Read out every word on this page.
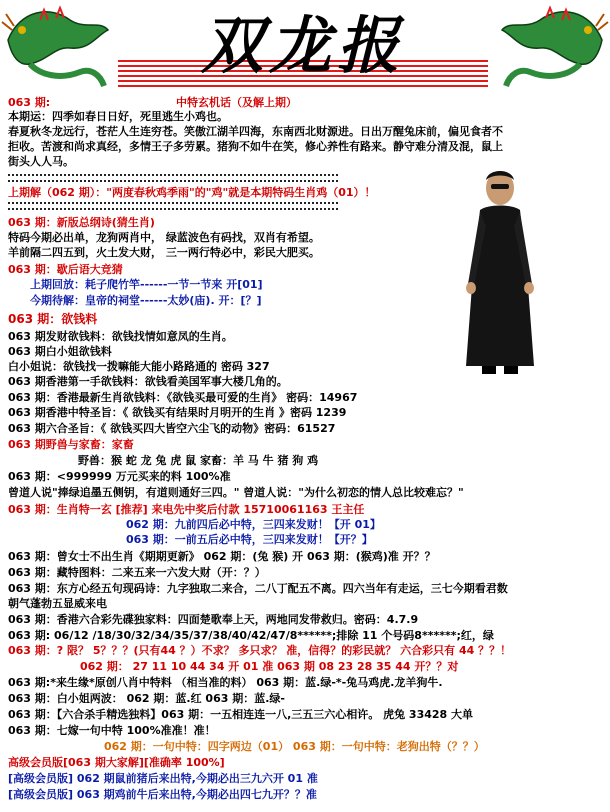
双龙报
063 期:	中特玄机话（及解上期）
本期运：四季如春日日好，死里逃生小鸡也。
春夏秋冬龙远行，苍茫人生连穷苍。笑傲江湖羊四海，东南西北财源进。日出万醒兔床前，偏见食者不
拒收。苦渡和尚求真经，多情王子多劳累。猪狗不如牛在笑，修心养性有路来。静守难分清及混，鼠上
街头人人马。
上期解（062 期）："两度春秋鸡季雨"的"鸡"就是本期特码生肖鸡（01）！
063 期：新版总纲诗(猜生肖)
特码今期必出单，龙狗两肖中， 绿蓝波色有码找，双肖有希望。
羊前隔二四五到，火土发大财， 三一两行特必中，彩民大肥买。
063 期：歇后语大竞猜
上期回放：耗子爬竹竿------一节一节来 开[01]
今期待解：皇帝的祠堂------太妙(庙). 开：[？]
063 期：欲钱料
063 期发财欲钱料：欲钱找情如意凤的生肖。
063 期白小姐欲钱料
白小姐说：欲钱找一拨嘛能大能小路路通的 密码 327
063 期香港第一手欲钱料：欲钱看美国军事大楼几角的。
063 期：香港最新生肖欲钱料：《欲钱买最可爱的生肖》 密码：14967
063 期香港中特圣旨：《 欲钱买有结果时月明开的生肖 》密码 1239
063 期六合圣旨：《 欲钱买四大皆空六尘飞的动物》密码：61527
063 期野兽与家畜：家畜
野兽：猴 蛇 龙 兔 虎 鼠 家畜：羊 马 牛 猪 狗 鸡
063 期：<999999 万元买来的料 100%准
曾道人说"捧绿追墨五侧钥，有道则通好三四。" 曾道人说："为什么初恋的情人总比较难忘？"
063 期：生肖特一玄 [推荐] 来电先中奖后付款 15710061163 王主任
062 期：九前四后必中特，三四来发财！【开 01】
063 期：一前五后必中特，三四来发财！【开？】
063 期：曾女士不出生肖《期期更新》 062 期：(兔 猴) 开 063 期：(猴鸡)准 开？？
063 期：藏特图料：二来五来一六发大财（开：？）
063 期：东方心经五句现码诗：九字独取二来合，二八丁配五不离。四六当年有走运，三七今期看君数
朝气蓬勃五显威来电
063 期：香港六合彩先碟独家料：四面楚歌奉上天，两地同发带救归。密码：4.7.9
063 期: 06/12 /18/30/32/34/35/37/38/40/42/47/8******;排除 11 个号码8******;红，绿
063 期：? 限？ 5？？？(只有44 ？）不求？ 多只求？ 准，信得？的彩民就？ 六合彩只有 44 ？？！
062 期： 27 11 10 44 34 开 01 准 063 期 08 23 28 35 44 开？？对
063 期:*来生缘*原创八肖中特料 （相当准的料） 063 期：蓝.绿-*-兔马鸡虎.龙羊狗牛.
063 期：白小姐两波： 062 期：蓝.红 063 期：蓝.绿-
063 期：【六合杀手精选独料】063 期：一五相连连一八,三五三六心相许。 虎兔 33428 大单
063 期：七嫁一句中特 100%准准！准！
062 期：一句中特：四字两边（01） 063 期：一句中特：老狗出特（？？）
高级会员版[063 期大家解][准确率 100%]
[高级会员版] 062 期鼠前猪后来出特,今期必出三九六开 01 准
[高级会员版] 063 期鸡前牛后来出特,今期必出四七九开？？准
